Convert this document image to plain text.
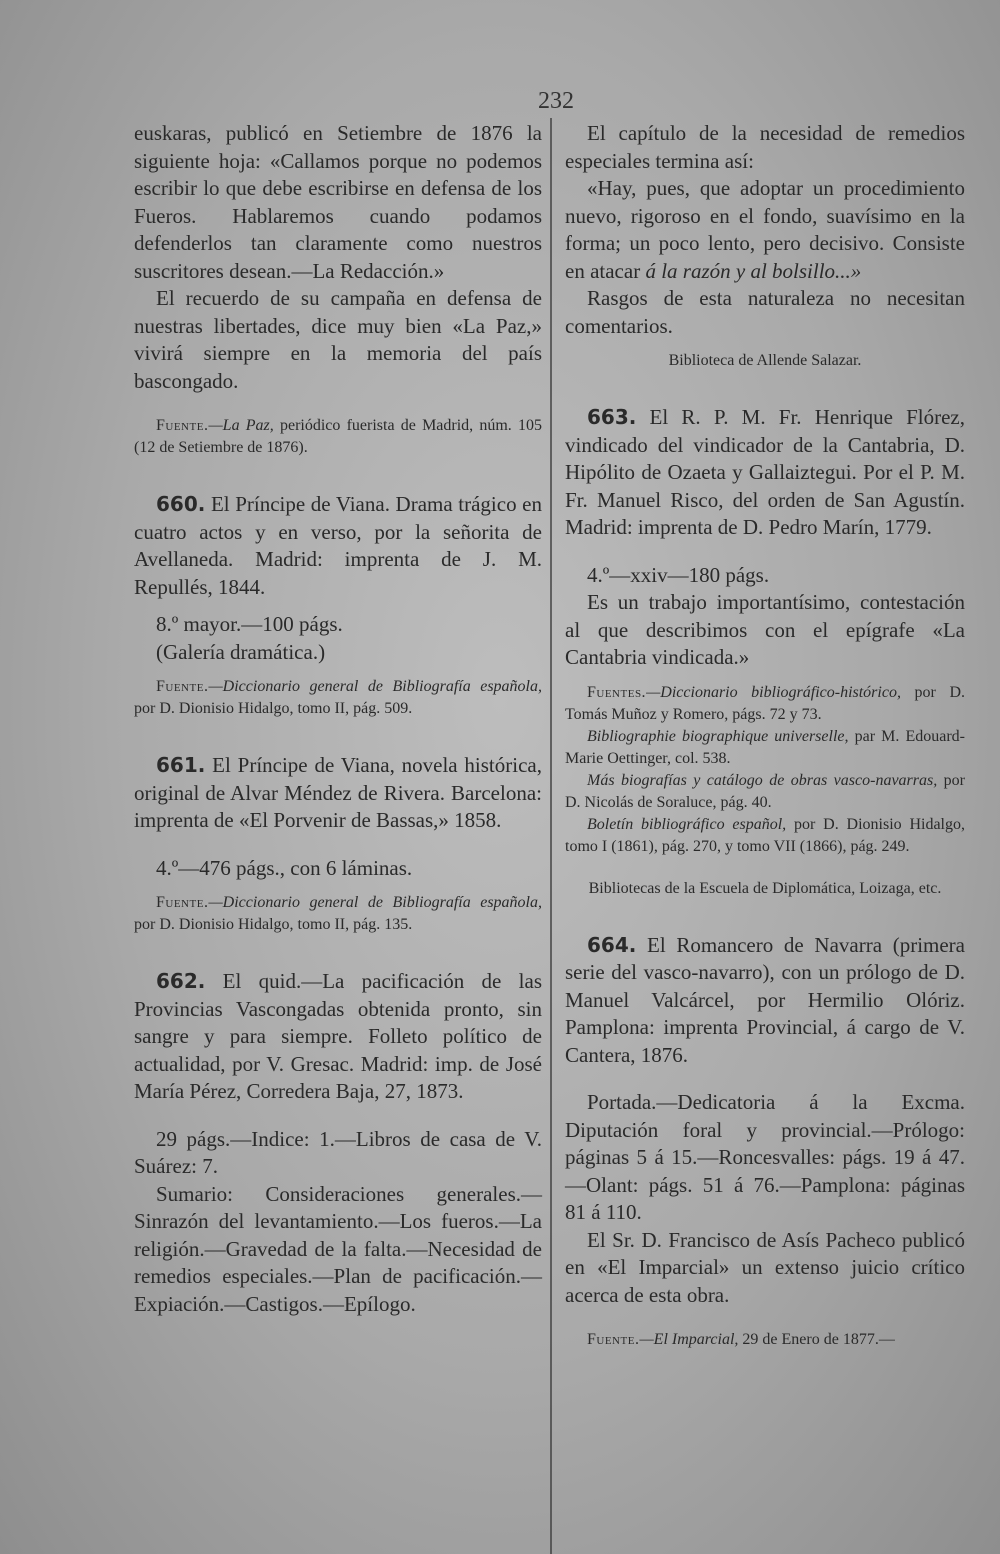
232

euskaras, publicó en Setiembre de 1876 la siguiente hoja: «Callamos porque no podemos escribir lo que debe escribirse en defensa de los Fueros. Hablaremos cuando podamos defenderlos tan claramente como nuestros suscritores desean.—La Redacción.»

El recuerdo de su campaña en defensa de nuestras libertades, dice muy bien «La Paz,» vivirá siempre en la memoria del país bascongado.

Fuente.—La Paz, periódico fuerista de Madrid, núm. 105 (12 de Setiembre de 1876).

660. El Príncipe de Viana. Drama trágico en cuatro actos y en verso, por la señorita de Avellaneda. Madrid: imprenta de J. M. Repullés, 1844.

8.º mayor.—100 págs.

(Galería dramática.)

Fuente.—Diccionario general de Bibliografía española, por D. Dionisio Hidalgo, tomo II, pág. 509.

661. El Príncipe de Viana, novela histórica, original de Alvar Méndez de Rivera. Barcelona: imprenta de «El Porvenir de Bassas,» 1858.

4.º—476 págs., con 6 láminas.

Fuente.—Diccionario general de Bibliografía española, por D. Dionisio Hidalgo, tomo II, pág. 135.

662. El quid.—La pacificación de las Provincias Vascongadas obtenida pronto, sin sangre y para siempre. Folleto político de actualidad, por V. Gresac. Madrid: imp. de José María Pérez, Corredera Baja, 27, 1873.

29 págs.—Indice: 1.—Libros de casa de V. Suárez: 7.

Sumario: Consideraciones generales.—Sinrazón del levantamiento.—Los fueros.—La religión.—Gravedad de la falta.—Necesidad de remedios especiales.—Plan de pacificación.—Expiación.—Castigos.—Epílogo.

El capítulo de la necesidad de remedios especiales termina así:

«Hay, pues, que adoptar un procedimiento nuevo, rigoroso en el fondo, suavísimo en la forma; un poco lento, pero decisivo. Consiste en atacar á la razón y al bolsillo...»

Rasgos de esta naturaleza no necesitan comentarios.

Biblioteca de Allende Salazar.

663. El R. P. M. Fr. Henrique Flórez, vindicado del vindicador de la Cantabria, D. Hipólito de Ozaeta y Gallaiztegui. Por el P. M. Fr. Manuel Risco, del orden de San Agustín. Madrid: imprenta de D. Pedro Marín, 1779.

4.º—xxiv—180 págs.

Es un trabajo importantísimo, contestación al que describimos con el epígrafe «La Cantabria vindicada.»

Fuentes.—Diccionario bibliográfico-histórico, por D. Tomás Muñoz y Romero, págs. 72 y 73.

Bibliographie biographique universelle, par M. Edouard-Marie Oettinger, col. 538.

Más biografías y catálogo de obras vasco-navarras, por D. Nicolás de Soraluce, pág. 40.

Boletín bibliográfico español, por D. Dionisio Hidalgo, tomo I (1861), pág. 270, y tomo VII (1866), pág. 249.

Bibliotecas de la Escuela de Diplomática, Loizaga, etc.

664. El Romancero de Navarra (primera serie del vasco-navarro), con un prólogo de D. Manuel Valcárcel, por Hermilio Olóriz. Pamplona: imprenta Provincial, á cargo de V. Cantera, 1876.

Portada.—Dedicatoria á la Excma. Diputación foral y provincial.—Prólogo: páginas 5 á 15.—Roncesvalles: págs. 19 á 47.—Olant: págs. 51 á 76.—Pamplona: páginas 81 á 110.

El Sr. D. Francisco de Asís Pacheco publicó en «El Imparcial» un extenso juicio crítico acerca de esta obra.

Fuente.—El Imparcial, 29 de Enero de 1877.—
